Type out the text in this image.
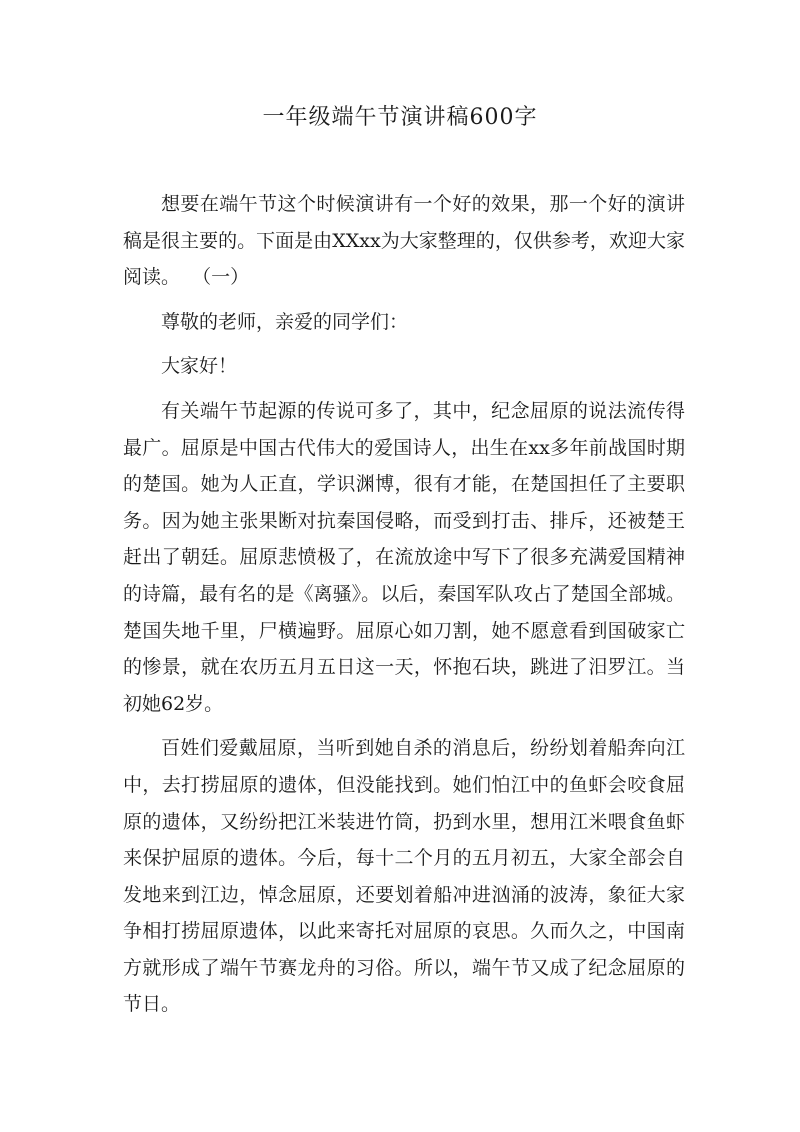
一年级端午节演讲稿600字

想要在端午节这个时候演讲有一个好的效果，那一个好的演讲稿是很主要的。下面是由XXxx为大家整理的，仅供参考，欢迎大家阅读。  （一）

尊敬的老师，亲爱的同学们：

大家好！

有关端午节起源的传说可多了，其中，纪念屈原的说法流传得最广。屈原是中国古代伟大的爱国诗人，出生在xx多年前战国时期的楚国。她为人正直，学识渊博，很有才能，在楚国担任了主要职务。因为她主张果断对抗秦国侵略，而受到打击、排斥，还被楚王赶出了朝廷。屈原悲愤极了，在流放途中写下了很多充满爱国精神的诗篇，最有名的是《离骚》。以后，秦国军队攻占了楚国全部城。楚国失地千里，尸横遍野。屈原心如刀割，她不愿意看到国破家亡的惨景，就在农历五月五日这一天，怀抱石块，跳进了汨罗江。当初她62岁。

百姓们爱戴屈原，当听到她自杀的消息后，纷纷划着船奔向江中，去打捞屈原的遗体，但没能找到。她们怕江中的鱼虾会咬食屈原的遗体，又纷纷把江米装进竹筒，扔到水里，想用江米喂食鱼虾来保护屈原的遗体。今后，每十二个月的五月初五，大家全部会自发地来到江边，悼念屈原，还要划着船冲进汹涌的波涛，象征大家争相打捞屈原遗体，以此来寄托对屈原的哀思。久而久之，中国南方就形成了端午节赛龙舟的习俗。所以，端午节又成了纪念屈原的节日。
